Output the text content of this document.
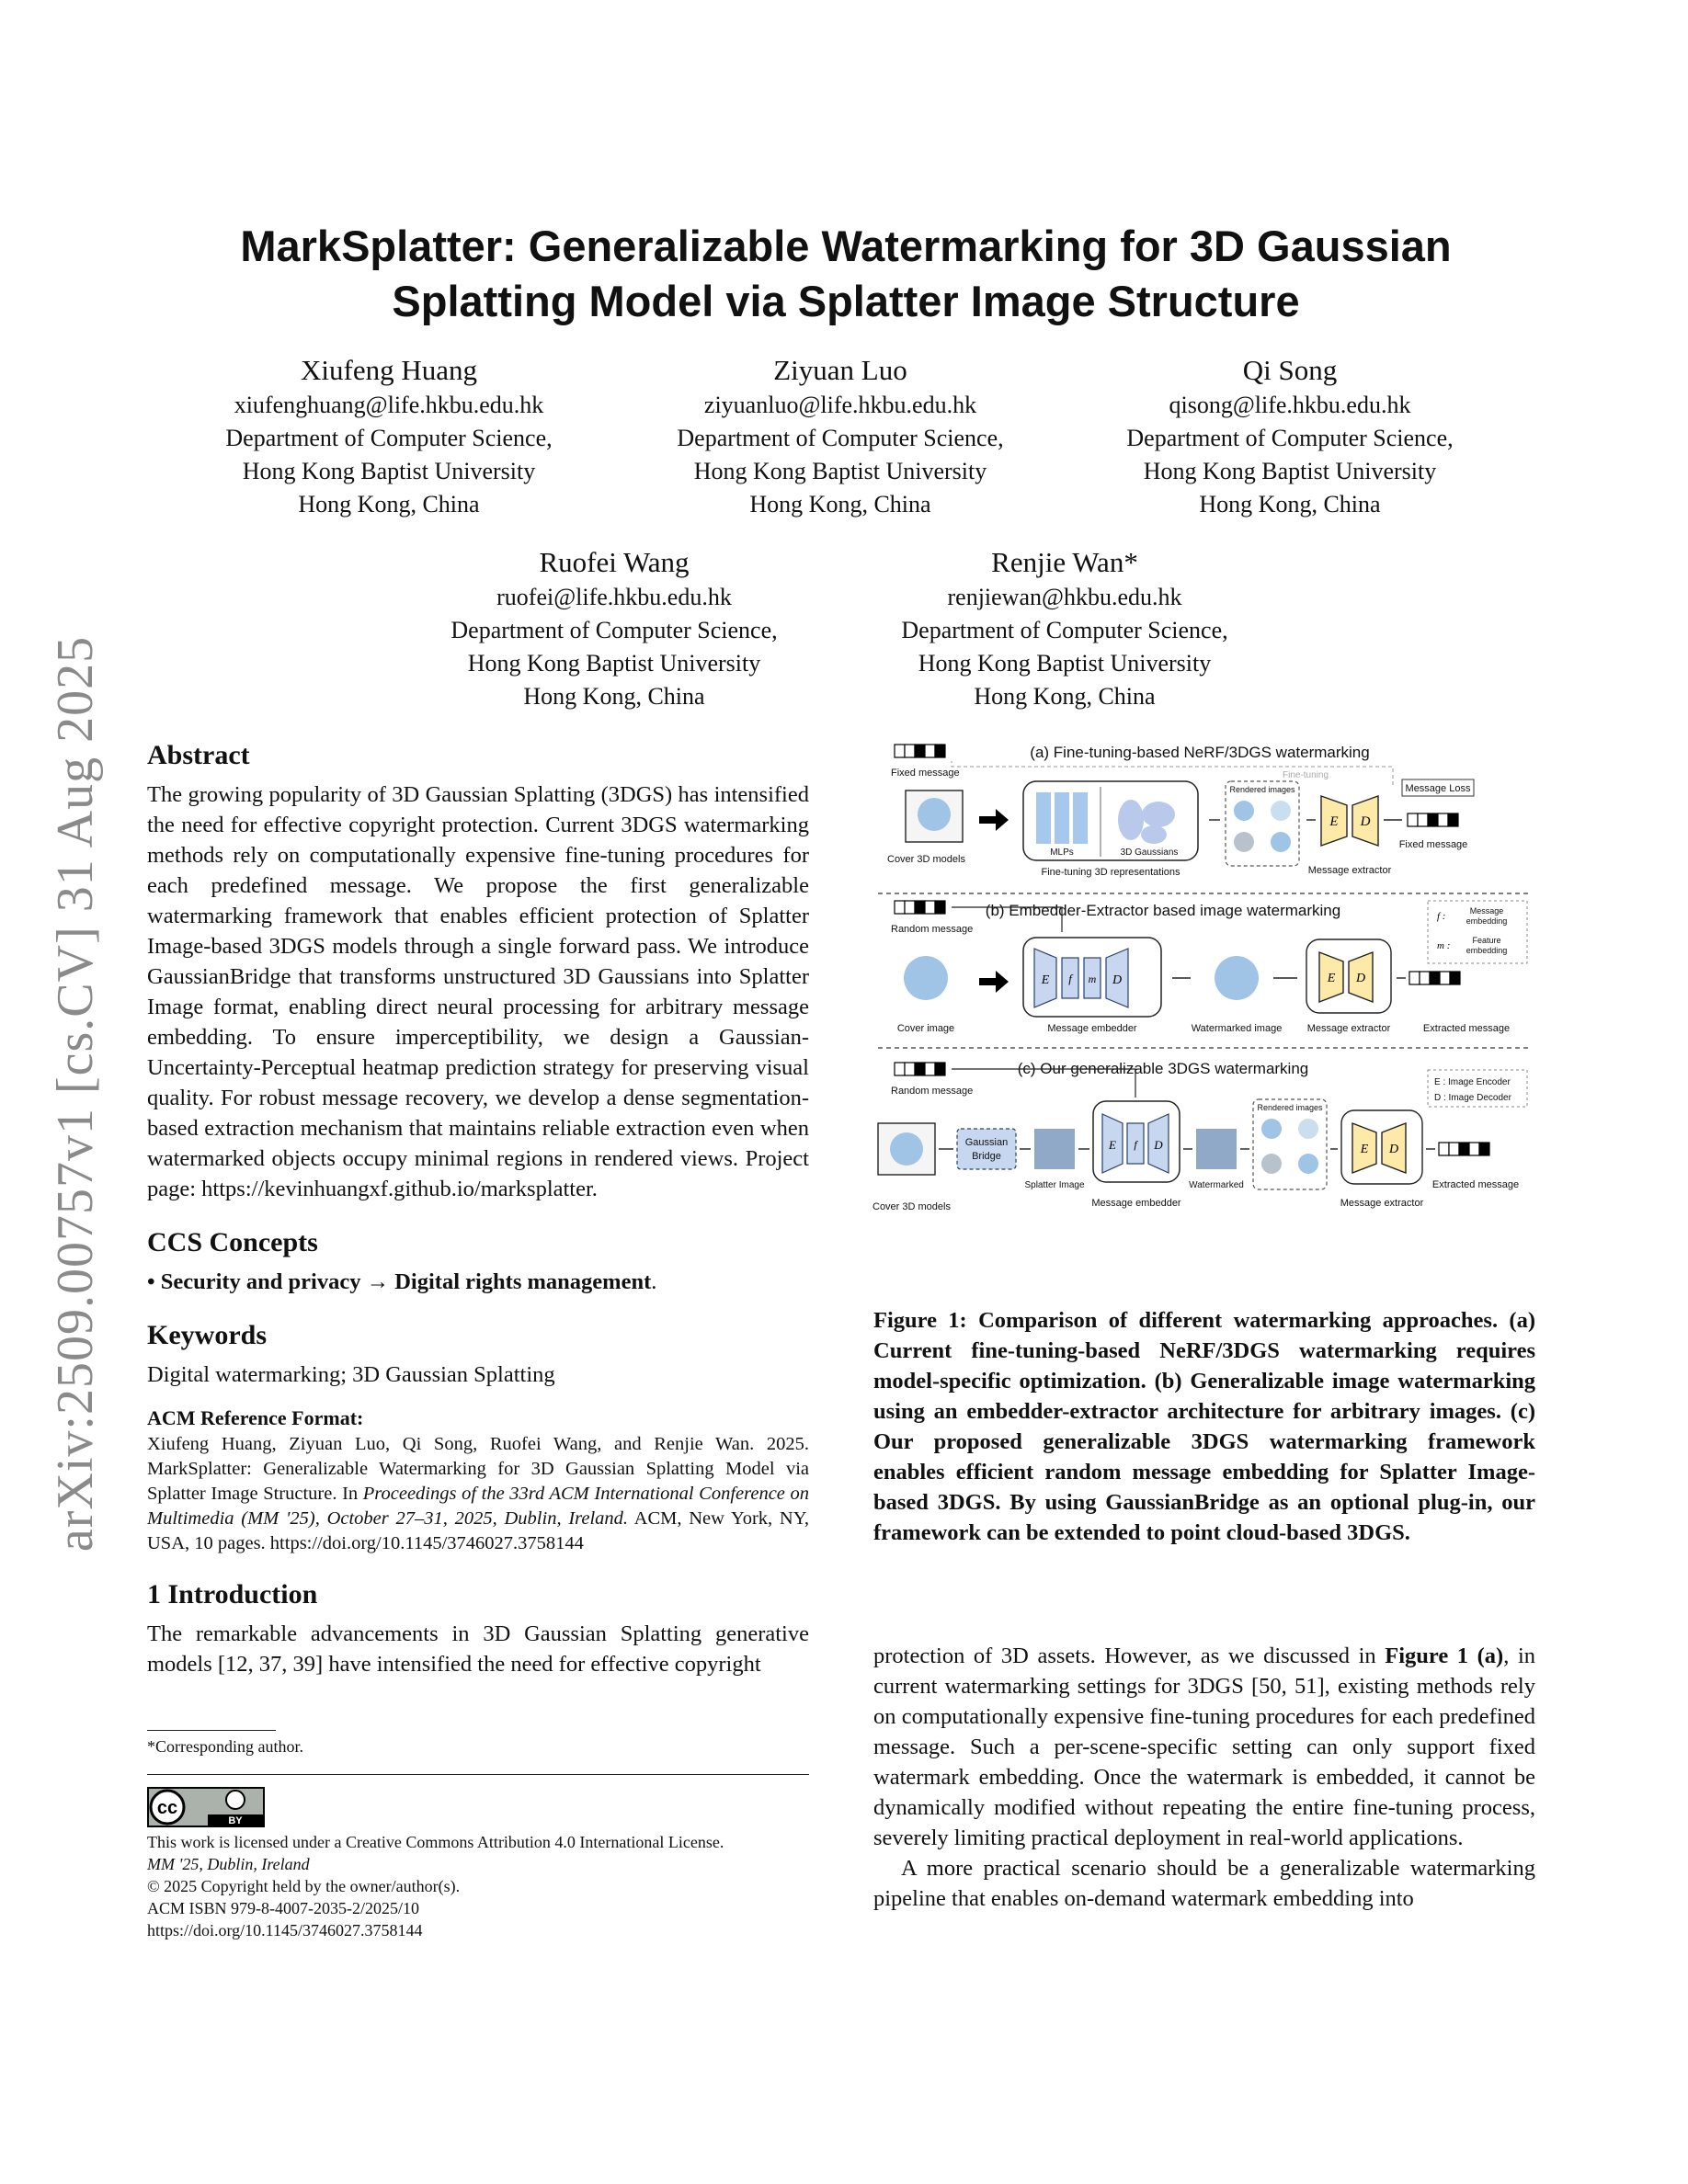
arXiv:2509.00757v1 [cs.CV] 31 Aug 2025
MarkSplatter: Generalizable Watermarking for 3D Gaussian
Splatting Model via Splatter Image Structure
Xiufeng Huang
xiufenghuang@life.hkbu.edu.hk
Department of Computer Science,
Hong Kong Baptist University
Hong Kong, China
Ziyuan Luo
ziyuanluo@life.hkbu.edu.hk
Department of Computer Science,
Hong Kong Baptist University
Hong Kong, China
Qi Song
qisong@life.hkbu.edu.hk
Department of Computer Science,
Hong Kong Baptist University
Hong Kong, China
Ruofei Wang
ruofei@life.hkbu.edu.hk
Department of Computer Science,
Hong Kong Baptist University
Hong Kong, China
Renjie Wan*
renjiewan@hkbu.edu.hk
Department of Computer Science,
Hong Kong Baptist University
Hong Kong, China
Abstract
The growing popularity of 3D Gaussian Splatting (3DGS) has intensified the need for effective copyright protection. Current 3DGS watermarking methods rely on computationally expensive fine-tuning procedures for each predefined message. We propose the first generalizable watermarking framework that enables efficient protection of Splatter Image-based 3DGS models through a single forward pass. We introduce GaussianBridge that transforms unstructured 3D Gaussians into Splatter Image format, enabling direct neural processing for arbitrary message embedding. To ensure imperceptibility, we design a Gaussian-Uncertainty-Perceptual heatmap prediction strategy for preserving visual quality. For robust message recovery, we develop a dense segmentation-based extraction mechanism that maintains reliable extraction even when watermarked objects occupy minimal regions in rendered views. Project page: https://kevinhuangxf.github.io/marksplatter.
CCS Concepts
• Security and privacy → Digital rights management.
Keywords
Digital watermarking; 3D Gaussian Splatting
ACM Reference Format:
Xiufeng Huang, Ziyuan Luo, Qi Song, Ruofei Wang, and Renjie Wan. 2025. MarkSplatter: Generalizable Watermarking for 3D Gaussian Splatting Model via Splatter Image Structure. In Proceedings of the 33rd ACM International Conference on Multimedia (MM '25), October 27–31, 2025, Dublin, Ireland. ACM, New York, NY, USA, 10 pages. https://doi.org/10.1145/3746027.3758144
1 Introduction
The remarkable advancements in 3D Gaussian Splatting generative models [12, 37, 39] have intensified the need for effective copyright
*Corresponding author.
cc
BY
This work is licensed under a Creative Commons Attribution 4.0 International License.
MM '25, Dublin, Ireland
© 2025 Copyright held by the owner/author(s).
ACM ISBN 979-8-4007-2035-2/2025/10
https://doi.org/10.1145/3746027.3758144
(a) Fine-tuning-based NeRF/3DGS watermarking
Fixed message
Cover 3D models
MLPs	3D Gaussians
Fine-tuning 3D representations
Rendered images
E D
Message extractor
Fixed message
Message Loss
Fine-tuning
(b) Embedder-Extractor based image watermarking
Random message
Cover image
E f m D
Message embedder	Watermarked image
E D
Message extractor	Extracted message
f :	Message
embedding
m :	Feature
embedding
(c) Our generalizable 3DGS watermarking
Random message
E : Image Encoder
D : Image Decoder
Cover 3D models
Gaussian
Bridge
Splatter Image
E f D
Message embedder
Watermarked
Rendered images
E D
Message extractor
Extracted message
Figure 1: Comparison of different watermarking approaches. (a) Current fine-tuning-based NeRF/3DGS watermarking requires model-specific optimization. (b) Generalizable image watermarking using an embedder-extractor architecture for arbitrary images. (c) Our proposed generalizable 3DGS watermarking framework enables efficient random message embedding for Splatter Image-based 3DGS. By using GaussianBridge as an optional plug-in, our framework can be extended to point cloud-based 3DGS.
protection of 3D assets. However, as we discussed in Figure 1 (a), in current watermarking settings for 3DGS [50, 51], existing methods rely on computationally expensive fine-tuning procedures for each predefined message. Such a per-scene-specific setting can only support fixed watermark embedding. Once the watermark is embedded, it cannot be dynamically modified without repeating the entire fine-tuning process, severely limiting practical deployment in real-world applications.
A more practical scenario should be a generalizable watermarking pipeline that enables on-demand watermark embedding into
